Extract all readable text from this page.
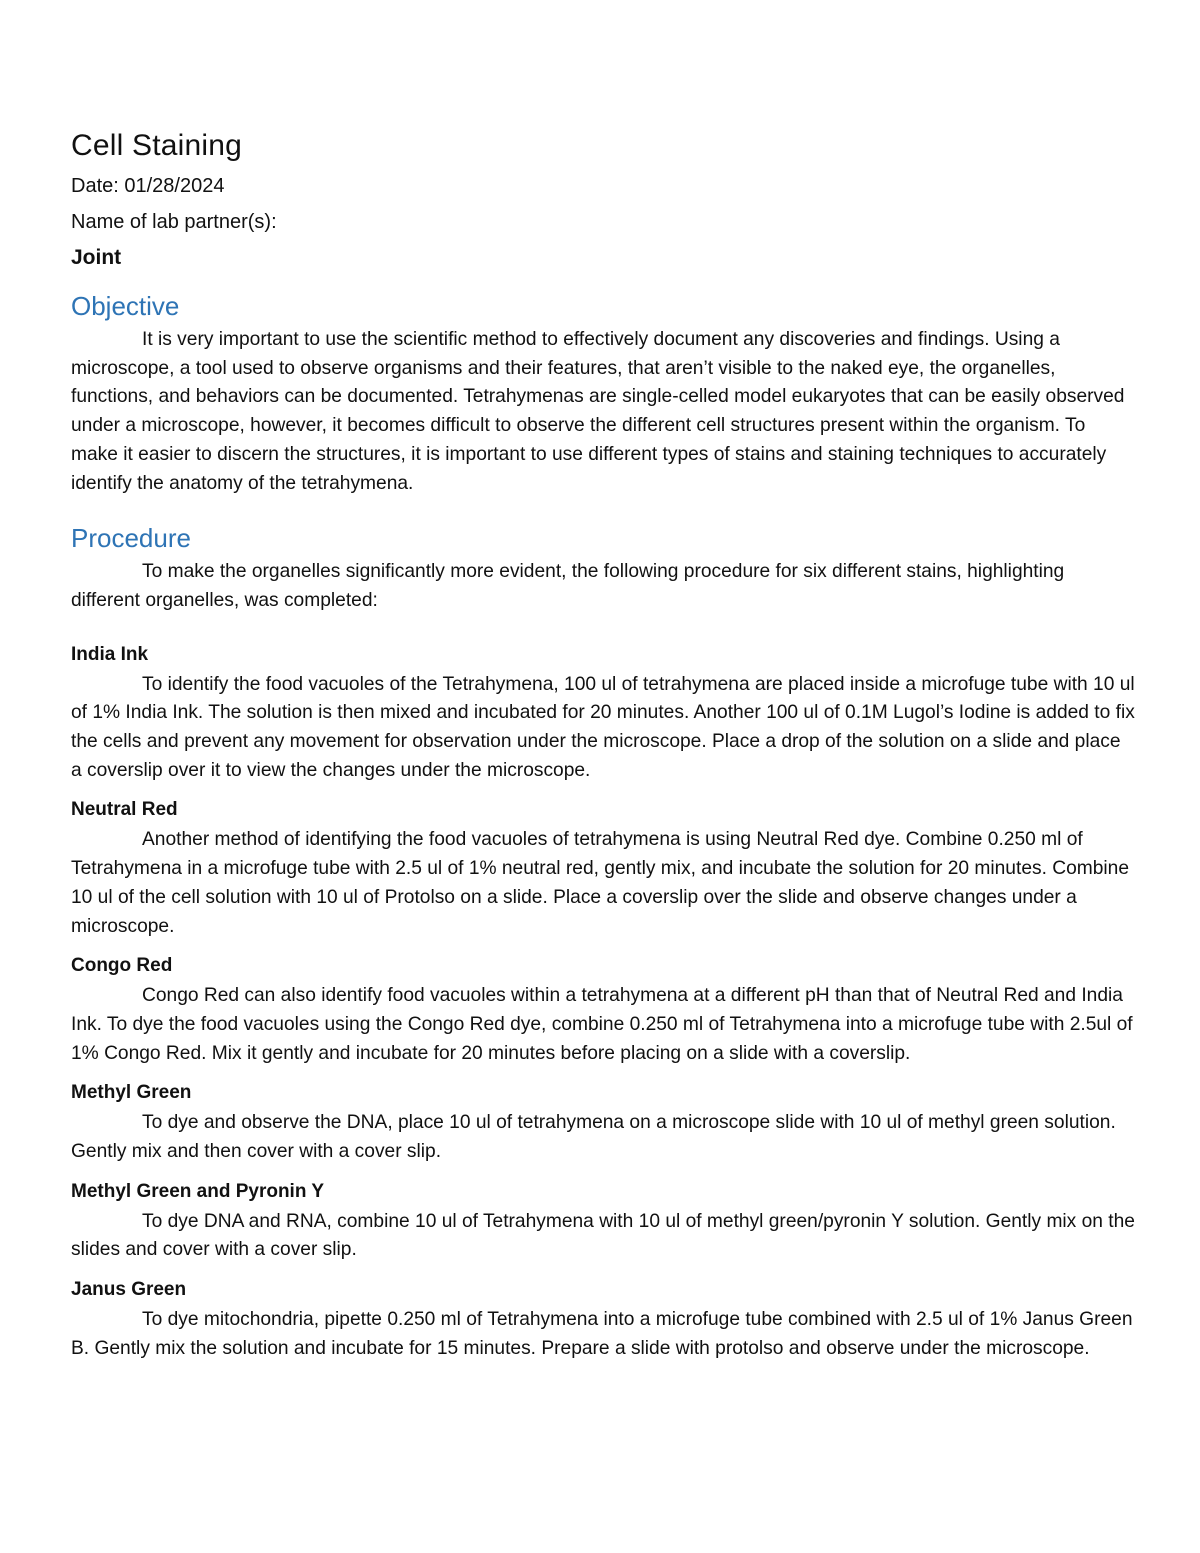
Cell Staining

Date: 01/28/2024

Name of lab partner(s):

Joint

Objective

It is very important to use the scientific method to effectively document any discoveries and findings. Using a microscope, a tool used to observe organisms and their features, that aren’t visible to the naked eye, the organelles, functions, and behaviors can be documented. Tetrahymenas are single-celled model eukaryotes that can be easily observed under a microscope, however, it becomes difficult to observe the different cell structures present within the organism. To make it easier to discern the structures, it is important to use different types of stains and staining techniques to accurately identify the anatomy of the tetrahymena.

Procedure

To make the organelles significantly more evident, the following procedure for six different stains, highlighting different organelles, was completed:

India Ink

To identify the food vacuoles of the Tetrahymena, 100 ul of tetrahymena are placed inside a microfuge tube with 10 ul of 1% India Ink. The solution is then mixed and incubated for 20 minutes. Another 100 ul of 0.1M Lugol’s Iodine is added to fix the cells and prevent any movement for observation under the microscope. Place a drop of the solution on a slide and place a coverslip over it to view the changes under the microscope.

Neutral Red

Another method of identifying the food vacuoles of tetrahymena is using Neutral Red dye. Combine 0.250 ml of Tetrahymena in a microfuge tube with 2.5 ul of 1% neutral red, gently mix, and incubate the solution for 20 minutes. Combine 10 ul of the cell solution with 10 ul of Protolso on a slide. Place a coverslip over the slide and observe changes under a microscope.

Congo Red

Congo Red can also identify food vacuoles within a tetrahymena at a different pH than that of Neutral Red and India Ink. To dye the food vacuoles using the Congo Red dye, combine 0.250 ml of Tetrahymena into a microfuge tube with 2.5ul of 1% Congo Red. Mix it gently and incubate for 20 minutes before placing on a slide with a coverslip.

Methyl Green

To dye and observe the DNA, place 10 ul of tetrahymena on a microscope slide with 10 ul of methyl green solution. Gently mix and then cover with a cover slip.

Methyl Green and Pyronin Y

To dye DNA and RNA, combine 10 ul of Tetrahymena with 10 ul of methyl green/pyronin Y solution. Gently mix on the slides and cover with a cover slip.

Janus Green

To dye mitochondria, pipette 0.250 ml of Tetrahymena into a microfuge tube combined with 2.5 ul of 1% Janus Green B. Gently mix the solution and incubate for 15 minutes. Prepare a slide with protolso and observe under the microscope.
